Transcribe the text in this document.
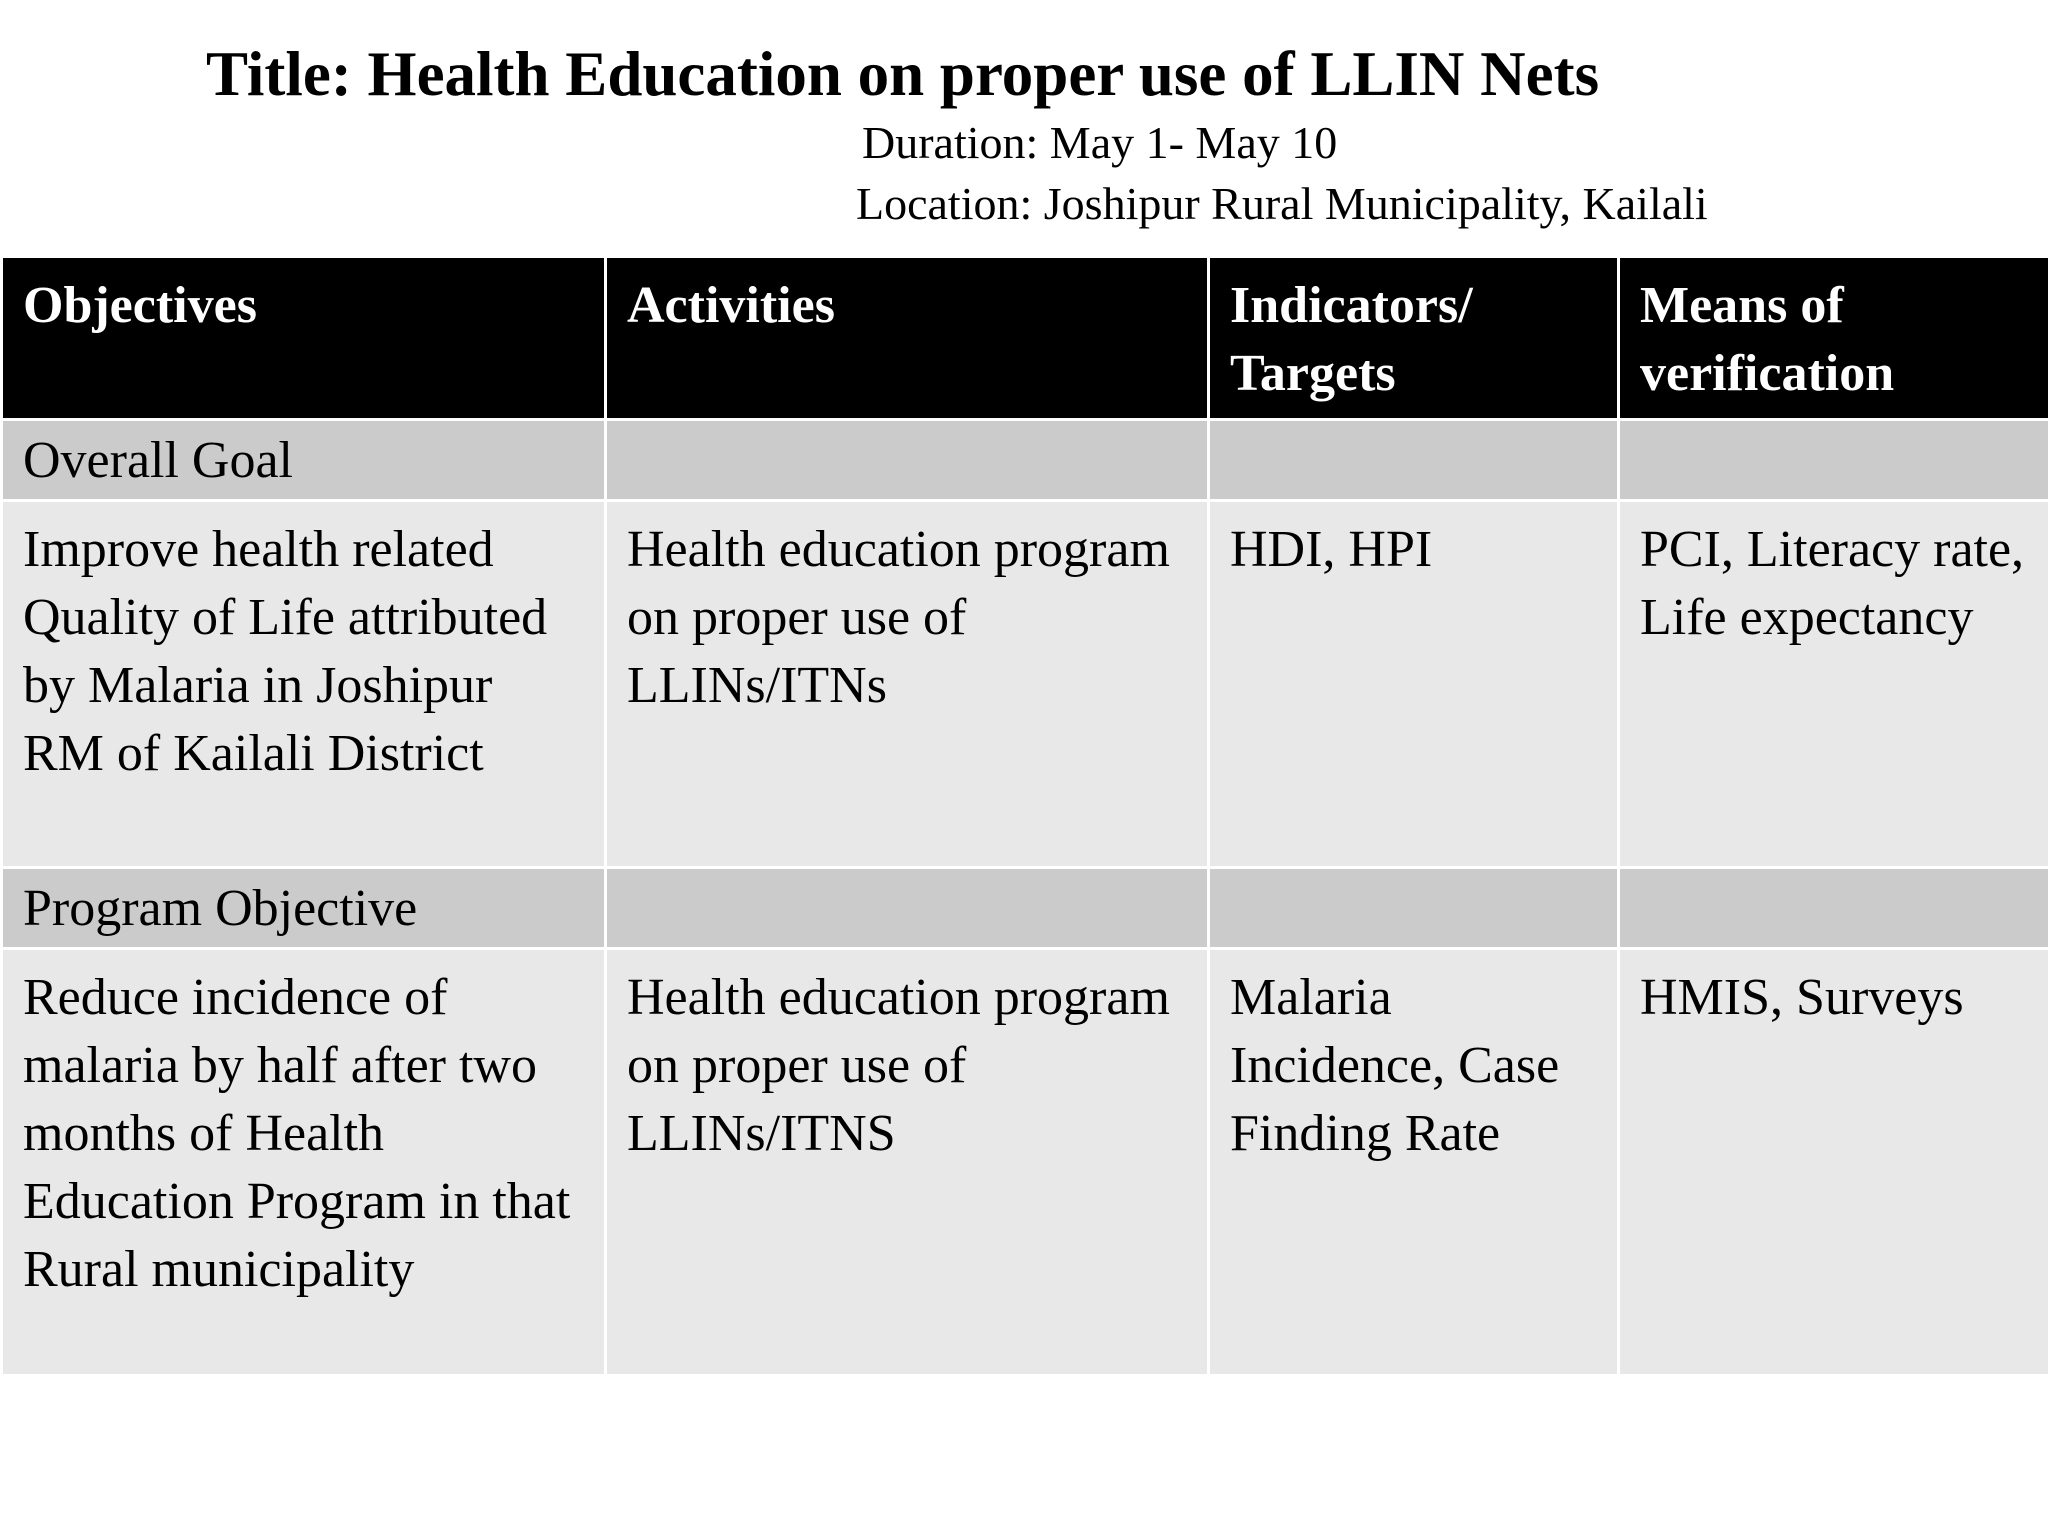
Title: Health Education on proper use of LLIN Nets
Duration: May 1- May 10
Location: Joshipur Rural Municipality, Kailali
Objectives	Activities	Indicators/ Targets	Means of verification
Overall Goal			
Improve health related Quality of Life attributed by Malaria in Joshipur RM of Kailali District	Health education program on proper use of LLINs/ITNs	HDI, HPI	PCI, Literacy rate, Life expectancy
Program Objective			
Reduce incidence of malaria by half after two months of Health Education Program in that Rural municipality	Health education program on proper use of LLINs/ITNS	Malaria Incidence, Case Finding Rate	HMIS, Surveys
